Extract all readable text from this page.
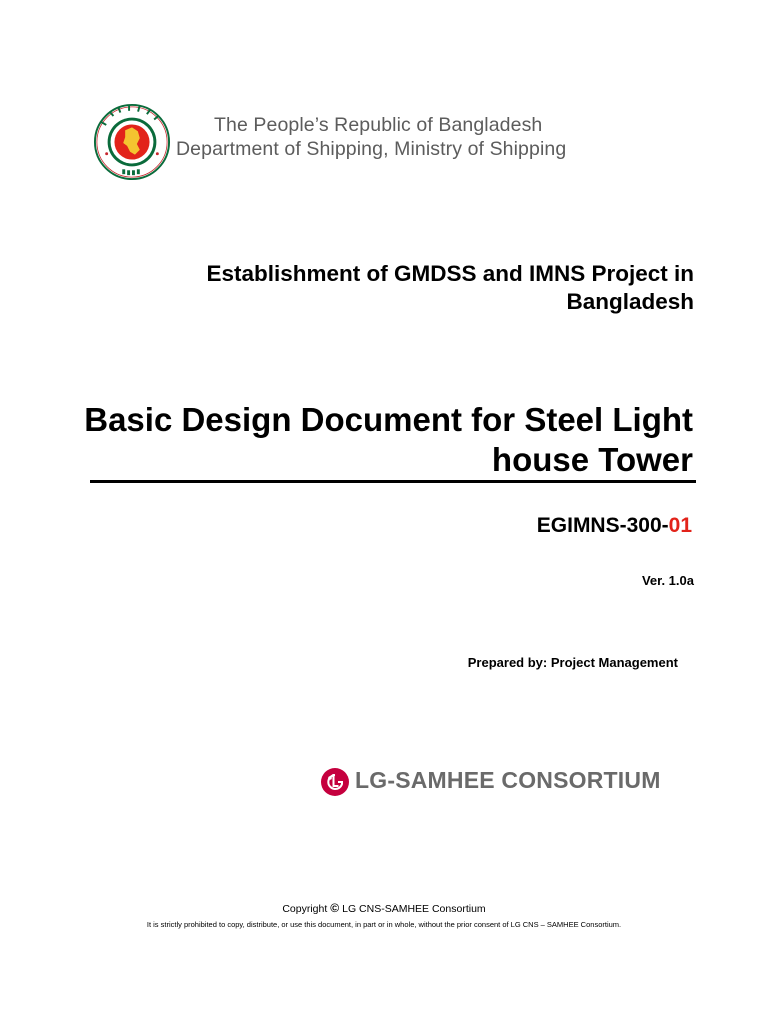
The People’s Republic of Bangladesh
Department of Shipping, Ministry of Shipping
Establishment of GMDSS and IMNS Project in Bangladesh
Basic Design Document for Steel Light house Tower
EGIMNS-300-01
Ver. 1.0a
Prepared by: Project Management
LG-SAMHEE CONSORTIUM
Copyright © LG CNS-SAMHEE Consortium
It is strictly prohibited to copy, distribute, or use this document, in part or in whole, without the prior consent of LG CNS – SAMHEE Consortium.
